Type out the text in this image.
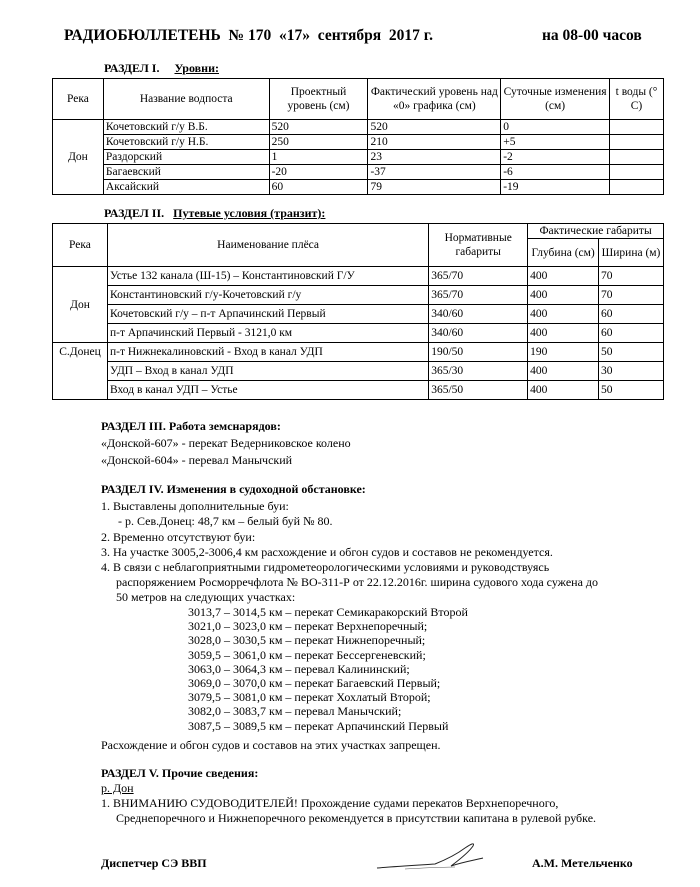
РАДИОБЮЛЛЕТЕНЬ  № 170  «17»  сентября  2017 г.	на 08-00 часов
РАЗДЕЛ I. Уровни:
Река	Название водпоста	Проектный уровень (см)	Фактический уровень над «0» графика (см)	Суточные изменения (см)	t воды (° С)
Дон	Кочетовский г/у В.Б.	520	520	0	
	Кочетовский г/у Н.Б.	250	210	+5	
	Раздорский	1	23	-2	
	Багаевский	-20	-37	-6	
	Аксайский	60	79	-19	
РАЗДЕЛ II. Путевые условия (транзит):
Река	Наименование плёса	Нормативные габариты	Фактические габариты	
			Глубина (см)	Ширина (м)
Дон	Устье 132 канала (Ш-15) – Константиновский Г/У	365/70	400	70
	Константиновский г/у-Кочетовский г/у	365/70	400	70
	Кочетовский г/у – п-т Арпачинский Первый	340/60	400	60
	п-т Арпачинский Первый - 3121,0 км	340/60	400	60
С.Донец	п-т Нижнекалиновский - Вход в канал УДП	190/50	190	50
	УДП – Вход в канал УДП	365/30	400	30
	Вход в канал УДП – Устье	365/50	400	50
РАЗДЕЛ III. Работа земснарядов:
«Донской-607» - перекат Ведерниковское колено
«Донской-604» - перевал Манычский
РАЗДЕЛ IV. Изменения в судоходной обстановке:
1. Выставлены дополнительные буи:
- р. Сев.Донец: 48,7 км – белый буй № 80.
2. Временно отсутствуют буи:
3. На участке 3005,2-3006,4 км расхождение и обгон судов и составов не рекомендуется.
4. В связи с неблагоприятными гидрометеорологическими условиями и руководствуясь
распоряжением Росморречфлота № ВО-311-Р от 22.12.2016г. ширина судового хода сужена до
50 метров на следующих участках:
3013,7 – 3014,5 км – перекат Семикаракорский Второй
3021,0 – 3023,0 км – перекат Верхнепоречный;
3028,0 – 3030,5 км – перекат Нижнепоречный;
3059,5 – 3061,0 км – перекат Бессергеневский;
3063,0 – 3064,3 км – перевал Калининский;
3069,0 – 3070,0 км – перекат Багаевский Первый;
3079,5 – 3081,0 км – перекат Хохлатый Второй;
3082,0 – 3083,7 км – перевал Манычский;
3087,5 – 3089,5 км – перекат Арпачинский Первый
Расхождение и обгон судов и составов на этих участках запрещен.
РАЗДЕЛ V. Прочие сведения:
р. Дон
1. ВНИМАНИЮ СУДОВОДИТЕЛЕЙ! Прохождение судами перекатов Верхнепоречного,
Среднепоречного и Нижнепоречного рекомендуется в присутствии капитана в рулевой рубке.
Диспетчер СЭ ВВП	А.М. Метельченко
